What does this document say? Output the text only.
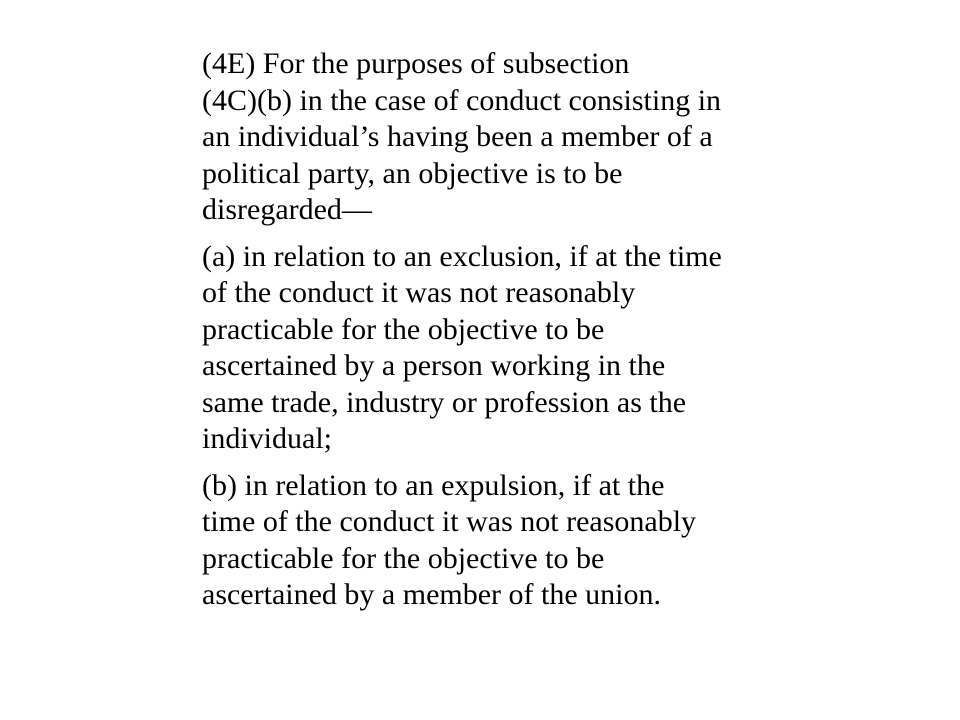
(4E) For the purposes of subsection
(4C)(b) in the case of conduct consisting in
an individual’s having been a member of a
political party, an objective is to be
disregarded—

(a) in relation to an exclusion, if at the time
of the conduct it was not reasonably
practicable for the objective to be
ascertained by a person working in the
same trade, industry or profession as the
individual;

(b) in relation to an expulsion, if at the
time of the conduct it was not reasonably
practicable for the objective to be
ascertained by a member of the union.
